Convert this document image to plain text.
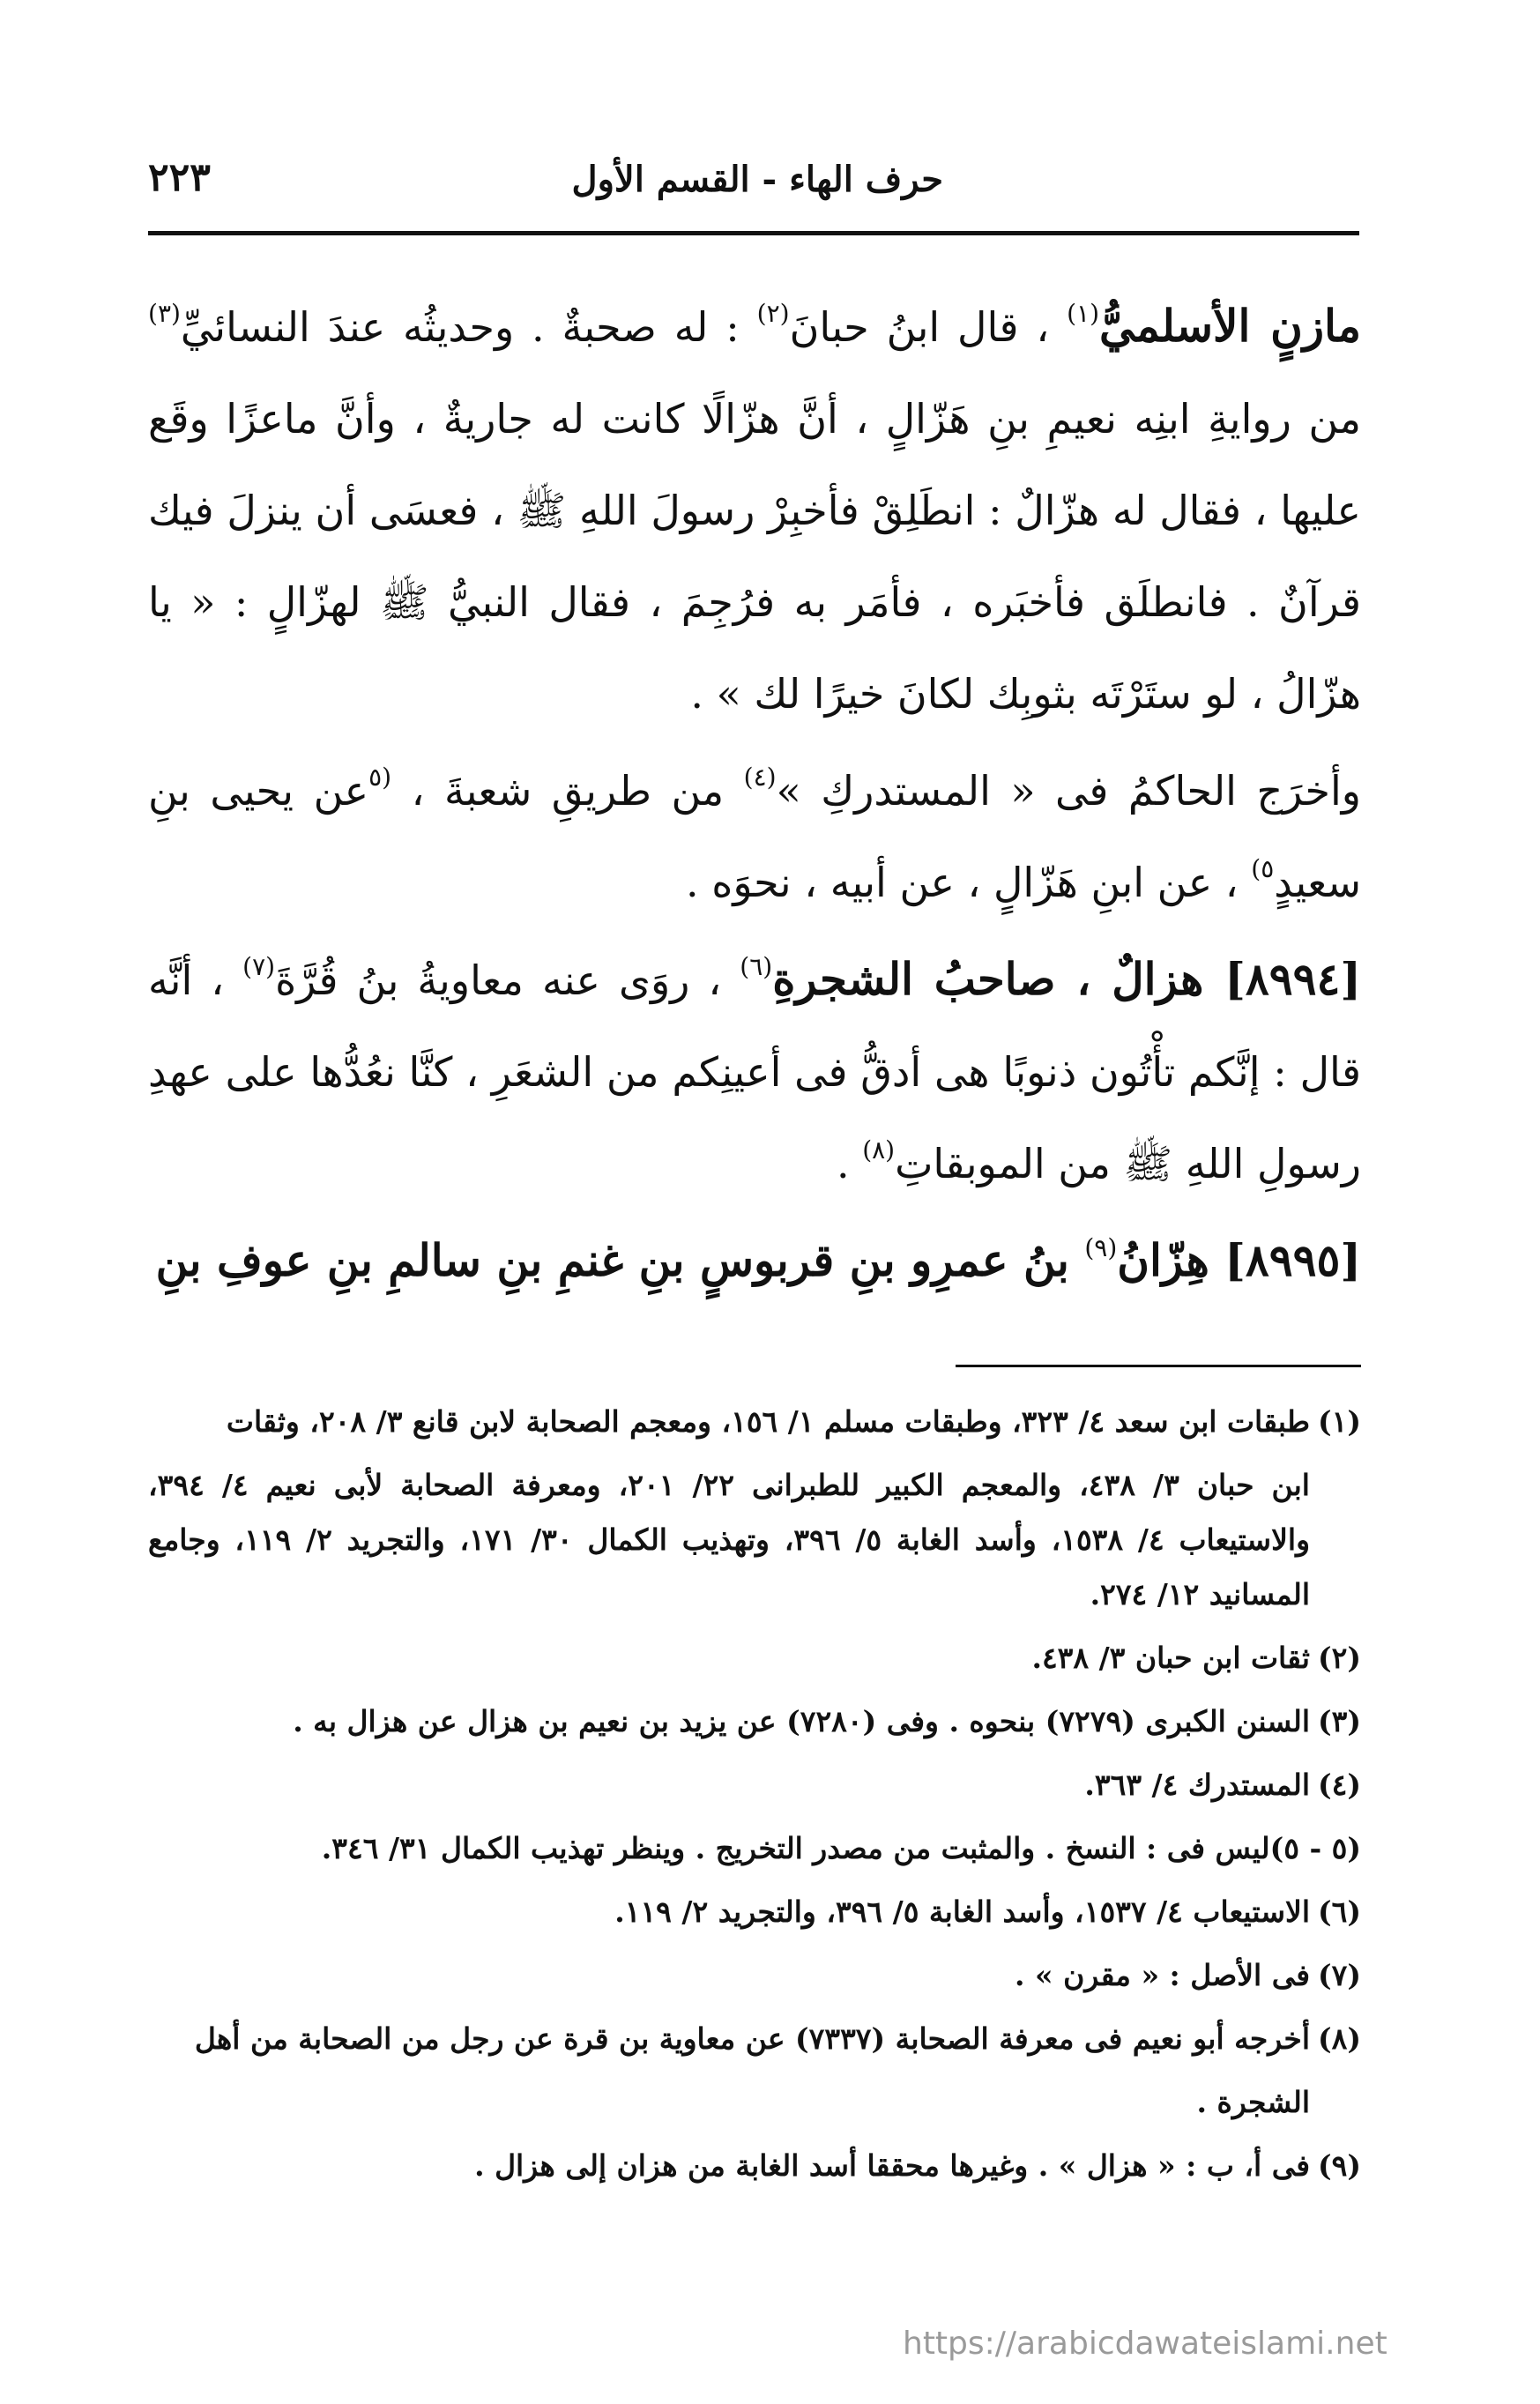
حرف الهاء - القسم الأول
٢٢٣

مازنٍ الأسلميُّ$^{(١)}$ ، قال ابنُ حبانَ$^{(٢)}$ : له صحبةٌ . وحديثُه عندَ النسائيِّ$^{(٣)}$ من روايةِ ابنِه نعيمِ بنِ هَزّالٍ ، أنَّ هزّالًا كانت له جاريةٌ ، وأنَّ ماعزًا وقَع عليها ، فقال له هزّالٌ : انطَلِقْ فأخبِرْ رسولَ اللهِ ﷺ ، فعسَى أن ينزلَ فيك قرآنٌ . فانطلَق فأخبَره ، فأمَر به فرُجِمَ ، فقال النبيُّ ﷺ لهزّالٍ : « يا هزّالُ ، لو ستَرْتَه بثوبِك لكانَ خيرًا لك » .

وأخرَج الحاكمُ فى « المستدركِ »$^{(٤)}$ من طريقِ شعبةَ ، $^{(٥}$عن يحيى بنِ سعيدٍ$^{٥)}$ ، عن ابنِ هَزّالٍ ، عن أبيه ، نحوَه .

[٨٩٩٤] هزالٌ ، صاحبُ الشجرةِ$^{(٦)}$ ، روَى عنه معاويةُ بنُ قُرَّةَ$^{(٧)}$ ، أنَّه قال : إنَّكم تأْتُون ذنوبًا هى أدقُّ فى أعينِكم من الشعَرِ ، كنَّا نعُدُّها على عهدِ رسولِ اللهِ ﷺ من الموبقاتِ$^{(٨)}$ .

[٨٩٩٥] هِزّانُ$^{(٩)}$ بنُ عمرِو بنِ قربوسٍ بنِ غنمِ بنِ سالمِ بنِ عوفِ بنِ

(١)طبقات ابن سعد ٤/ ٣٢٣، وطبقات مسلم ١/ ١٥٦، ومعجم الصحابة لابن قانع ٣/ ٢٠٨، وثقات

ابن حبان ٣/ ٤٣٨، والمعجم الكبير للطبرانى ٢٢/ ٢٠١، ومعرفة الصحابة لأبى نعيم ٤/ ٣٩٤، والاستيعاب ٤/ ١٥٣٨، وأسد الغابة ٥/ ٣٩٦، وتهذيب الكمال ٣٠/ ١٧١، والتجريد ٢/ ١١٩، وجامع المسانيد ١٢/ ٢٧٤.

(٢)ثقات ابن حبان ٣/ ٤٣٨.

(٣)السنن الكبرى (٧٢٧٩) بنحوه . وفى (٧٢٨٠) عن يزيد بن نعيم بن هزال عن هزال به .

(٤)المستدرك ٤/ ٣٦٣.

(٥ - ٥)ليس فى : النسخ . والمثبت من مصدر التخريج . وينظر تهذيب الكمال ٣١/ ٣٤٦.

(٦)الاستيعاب ٤/ ١٥٣٧، وأسد الغابة ٥/ ٣٩٦، والتجريد ٢/ ١١٩.

(٧)فى الأصل : « مقرن » .

(٨)أخرجه أبو نعيم فى معرفة الصحابة (٧٣٣٧) عن معاوية بن قرة عن رجل من الصحابة من أهل

الشجرة .

(٩)فى أ، ب : « هزال » . وغيرها محققا أسد الغابة من هزان إلى هزال .

https://arabicdawateislami.net
